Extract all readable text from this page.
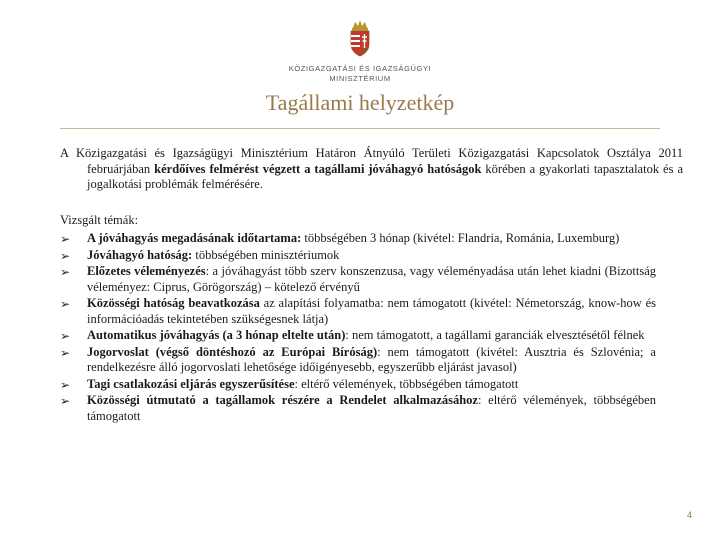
KÖZIGAZGATÁSI ÉS IGAZSÁGÜGYI
MINISZTÉRIUM
Tagállami helyzetkép

A Közigazgatási és Igazságügyi Minisztérium Határon Átnyúló Területi Közigazgatási Kapcsolatok Osztálya 2011 februárjában kérdőíves felmérést végzett a tagállami jóváhagyó hatóságok körében a gyakorlati tapasztalatok és a jogalkotási problémák felmérésére.

Vizsgált témák:

➢ A jóváhagyás megadásának időtartama: többségében 3 hónap (kivétel: Flandria, Románia, Luxemburg)
➢ Jóváhagyó hatóság: többségében minisztériumok
➢ Előzetes véleményezés: a jóváhagyást több szerv konszenzusa, vagy véleményadása után lehet kiadni (Bizottság véleményez: Ciprus, Görögország) – kötelező érvényű
➢ Közösségi hatóság beavatkozása az alapítási folyamatba: nem támogatott (kivétel: Németország, know-how és információadás tekintetében szükségesnek látja)
➢ Automatikus jóváhagyás (a 3 hónap eltelte után): nem támogatott, a tagállami garanciák elvesztésétől félnek
➢ Jogorvoslat (végső döntéshozó az Európai Bíróság): nem támogatott (kivétel: Ausztria és Szlovénia; a rendelkezésre álló jogorvoslati lehetősége időigényesebb, egyszerűbb eljárást javasol)
➢ Tagi csatlakozási eljárás egyszerűsítése: eltérő vélemények, többségében támogatott
➢ Közösségi útmutató a tagállamok részére a Rendelet alkalmazásához: eltérő vélemények, többségében támogatott
4
